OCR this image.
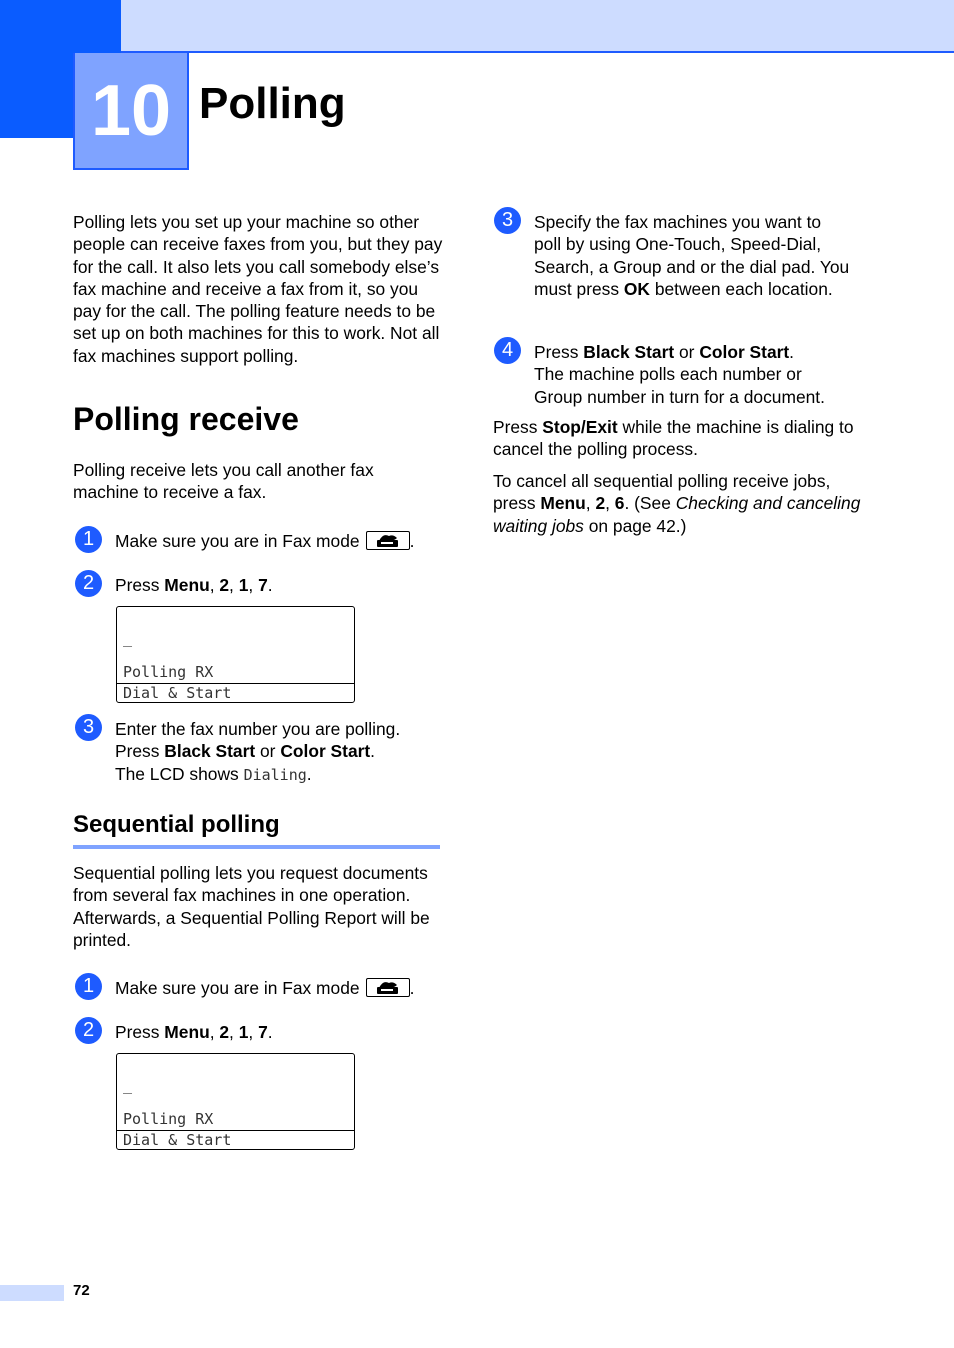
10 Polling

Polling lets you set up your machine so other people can receive faxes from you, but they pay for the call. It also lets you call somebody else’s fax machine and receive a fax from it, so you pay for the call. The polling feature needs to be set up on both machines for this to work. Not all fax machines support polling.

Polling receive

Polling receive lets you call another fax machine to receive a fax.

1	Make sure you are in Fax mode	.
2	Press Menu, 2, 1, 7.
_
Polling RX
Dial & Start
3	Enter the fax number you are polling.
Press Black Start or Color Start.
The LCD shows Dialing.
Sequential polling

Sequential polling lets you request documents from several fax machines in one operation. Afterwards, a Sequential Polling Report will be printed.

1	Make sure you are in Fax mode	.
2	Press Menu, 2, 1, 7.
_
Polling RX
Dial & Start
3	Specify the fax machines you want to poll by using One-Touch, Speed-Dial, Search, a Group and or the dial pad. You must press OK between each location.
4	Press Black Start or Color Start.
The machine polls each number or Group number in turn for a document.

Press Stop/Exit while the machine is dialing to cancel the polling process.

To cancel all sequential polling receive jobs, press Menu, 2, 6. (See Checking and canceling waiting jobs on page 42.)

72
